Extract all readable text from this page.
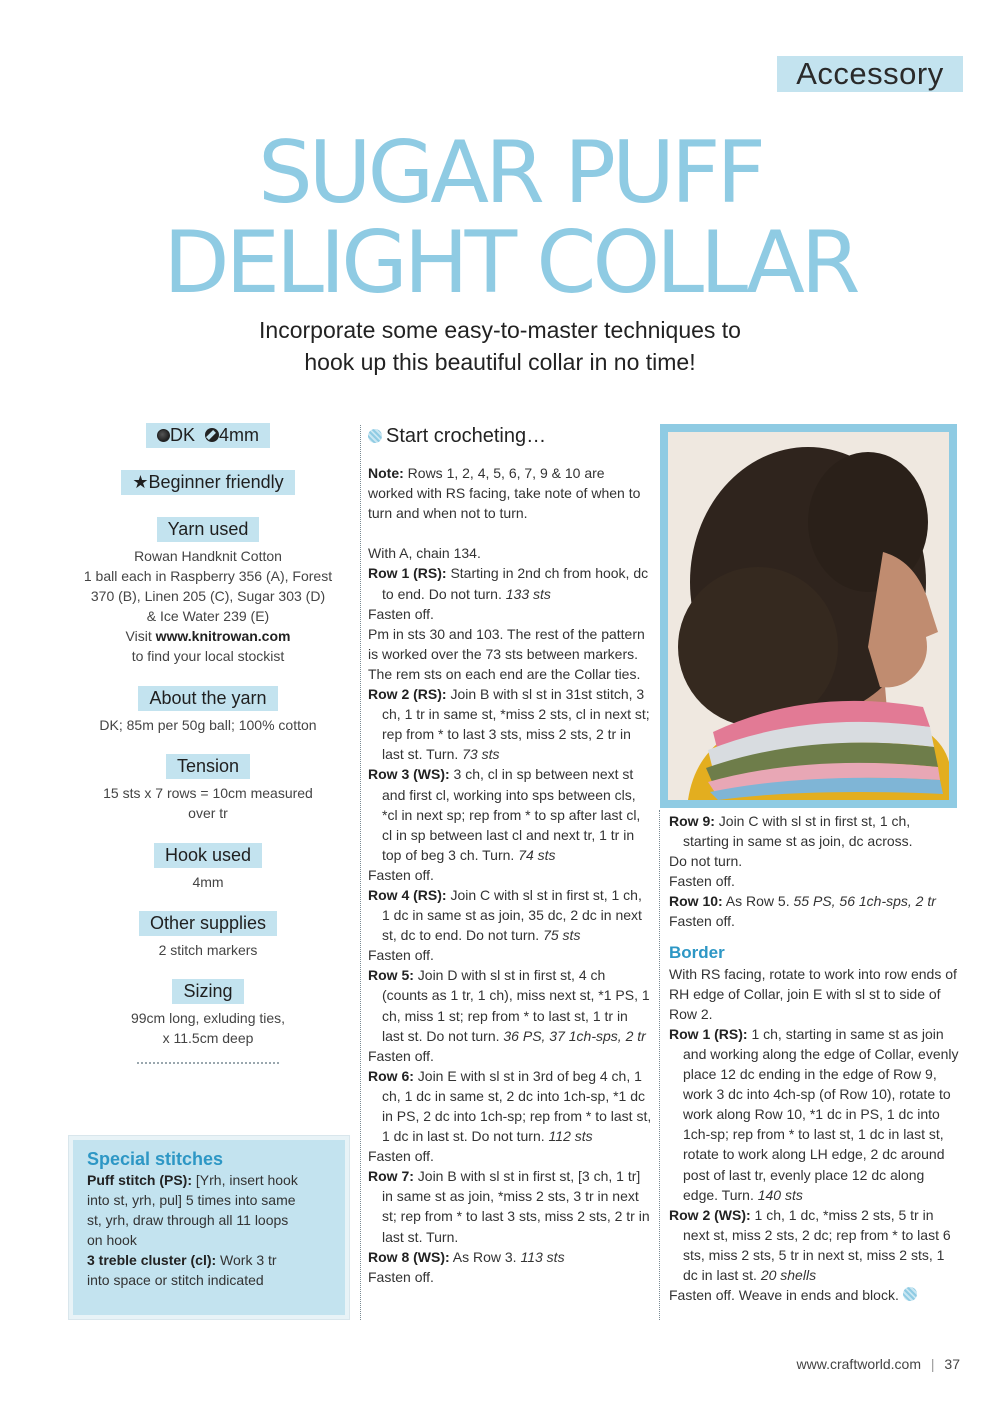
Accessory
SUGAR PUFF
DELIGHT COLLAR
Incorporate some easy-to-master techniques to
hook up this beautiful collar in no time!
DK 4mm
★Beginner friendly
Yarn used
Rowan Handknit Cotton
1 ball each in Raspberry 356 (A), Forest
370 (B), Linen 205 (C), Sugar 303 (D)
& Ice Water 239 (E)
Visit www.knitrowan.com
to find your local stockist
About the yarn
DK; 85m per 50g ball; 100% cotton
Tension
15 sts x 7 rows = 10cm measured
over tr
Hook used
4mm
Other supplies
2 stitch markers
Sizing
99cm long, exluding ties,
x 11.5cm deep
Special stitches

Puff stitch (PS): [Yrh, insert hook

into st, yrh, pul] 5 times into same

st, yrh, draw through all 11 loops

on hook

3 treble cluster (cl): Work 3 tr

into space or stitch indicated

Start crocheting…

Note: Rows 1, 2, 4, 5, 6, 7, 9 & 10 are worked with RS facing, take note of when to turn and when not to turn.

With A, chain 134.

Row 1 (RS): Starting in 2nd ch from hook, dc to end. Do not turn. 133 sts

Fasten off.

Pm in sts 30 and 103. The rest of the pattern is worked over the 73 sts between markers. The rem sts on each end are the Collar ties.

Row 2 (RS): Join B with sl st in 31st stitch, 3 ch, 1 tr in same st, *miss 2 sts, cl in next st; rep from * to last 3 sts, miss 2 sts, 2 tr in last st. Turn. 73 sts

Row 3 (WS): 3 ch, cl in sp between next st and first cl, working into sps between cls, *cl in next sp; rep from * to sp after last cl, cl in sp between last cl and next tr, 1 tr in top of beg 3 ch. Turn. 74 sts

Fasten off.

Row 4 (RS): Join C with sl st in first st, 1 ch, 1 dc in same st as join, 35 dc, 2 dc in next st, dc to end. Do not turn. 75 sts

Fasten off.

Row 5: Join D with sl st in first st, 4 ch (counts as 1 tr, 1 ch), miss next st, *1 PS, 1 ch, miss 1 st; rep from * to last st, 1 tr in last st. Do not turn. 36 PS, 37 1ch-sps, 2 tr

Fasten off.

Row 6: Join E with sl st in 3rd of beg 4 ch, 1 ch, 1 dc in same st, 2 dc into 1ch-sp, *1 dc in PS, 2 dc into 1ch-sp; rep from * to last st, 1 dc in last st. Do not turn. 112 sts

Fasten off.

Row 7: Join B with sl st in first st, [3 ch, 1 tr] in same st as join, *miss 2 sts, 3 tr in next st; rep from * to last 3 sts, miss 2 sts, 2 tr in last st. Turn.

Row 8 (WS): As Row 3. 113 sts

Fasten off.

Row 9: Join C with sl st in first st, 1 ch, starting in same st as join, dc across.

Do not turn.

Fasten off.

Row 10: As Row 5. 55 PS, 56 1ch-sps, 2 tr

Fasten off.

Border

With RS facing, rotate to work into row ends of RH edge of Collar, join E with sl st to side of Row 2.

Row 1 (RS): 1 ch, starting in same st as join and working along the edge of Collar, evenly place 12 dc ending in the edge of Row 9, work 3 dc into 4ch-sp (of Row 10), rotate to work along Row 10, *1 dc in PS, 1 dc into 1ch-sp; rep from * to last st, 1 dc in last st, rotate to work along LH edge, 2 dc around post of last tr, evenly place 12 dc along edge. Turn. 140 sts

Row 2 (WS): 1 ch, 1 dc, *miss 2 sts, 5 tr in next st, miss 2 sts, 2 dc; rep from * to last 6 sts, miss 2 sts, 5 tr in next st, miss 2 sts, 1 dc in last st. 20 shells

Fasten off. Weave in ends and block.

www.craftworld.com | 37
